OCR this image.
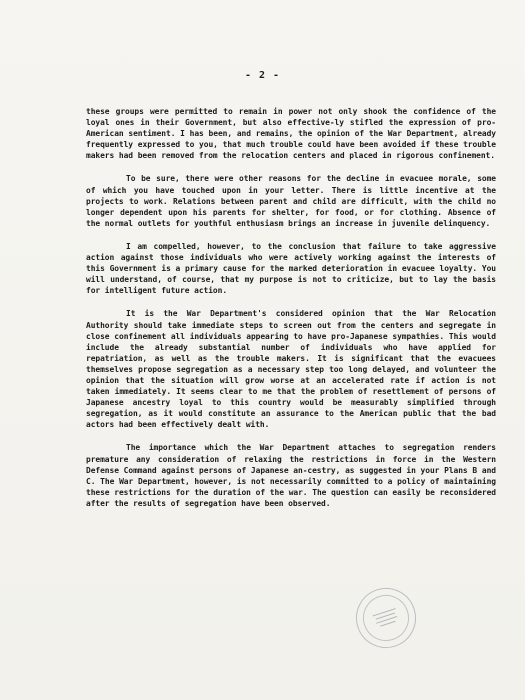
- 2 -

these groups were permitted to remain in power not only shook the confidence of the loyal ones in their Government, but also effective-ly stifled the expression of pro-American sentiment. I has been, and remains, the opinion of the War Department, already frequently expressed to you, that much trouble could have been avoided if these trouble makers had been removed from the relocation centers and placed in rigorous confinement.

To be sure, there were other reasons for the decline in evacuee morale, some of which you have touched upon in your letter. There is little incentive at the projects to work. Relations between parent and child are difficult, with the child no longer dependent upon his parents for shelter, for food, or for clothing. Absence of the normal outlets for youthful enthusiasm brings an increase in juvenile delinquency.

I am compelled, however, to the conclusion that failure to take aggressive action against those individuals who were actively working against the interests of this Government is a primary cause for the marked deterioration in evacuee loyalty. You will understand, of course, that my purpose is not to criticize, but to lay the basis for intelligent future action.

It is the War Department's considered opinion that the War Relocation Authority should take immediate steps to screen out from the centers and segregate in close confinement all individuals appearing to have pro-Japanese sympathies. This would include the already substantial number of individuals who have applied for repatriation, as well as the trouble makers. It is significant that the evacuees themselves propose segregation as a necessary step too long delayed, and volunteer the opinion that the situation will grow worse at an accelerated rate if action is not taken immediately. It seems clear to me that the problem of resettlement of persons of Japanese ancestry loyal to this country would be measurably simplified through segregation, as it would constitute an assurance to the American public that the bad actors had been effectively dealt with.

The importance which the War Department attaches to segregation renders premature any consideration of relaxing the restrictions in force in the Western Defense Command against persons of Japanese an-cestry, as suggested in your Plans B and C. The War Department, however, is not necessarily committed to a policy of maintaining these restrictions for the duration of the war. The question can easily be reconsidered after the results of segregation have been observed.
